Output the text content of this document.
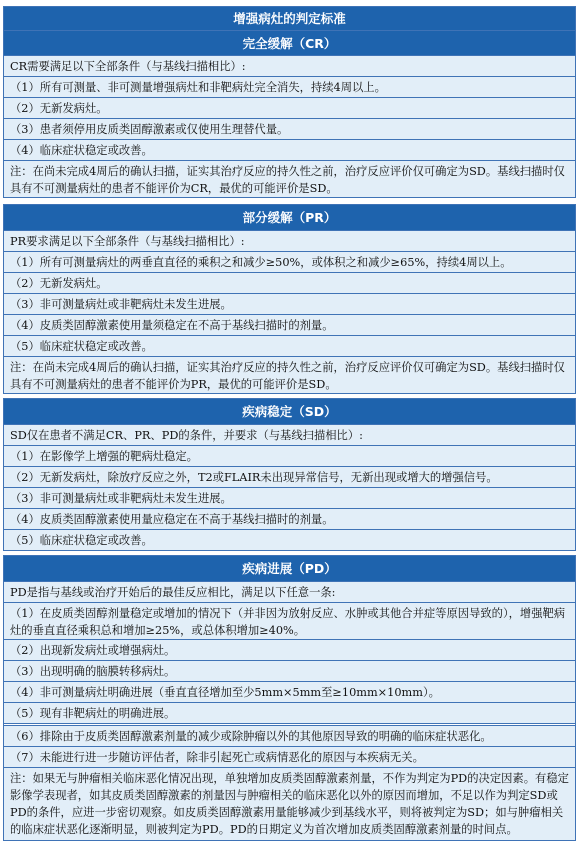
增强病灶的判定标准
完全缓解（CR）
CR需要满足以下全部条件（与基线扫描相比）:
（1）所有可测量、非可测量增强病灶和非靶病灶完全消失，持续4周以上。
（2）无新发病灶。
（3）患者须停用皮质类固醇激素或仅使用生理替代量。
（4）临床症状稳定或改善。
注：在尚未完成4周后的确认扫描，证实其治疗反应的持久性之前，治疗反应评价仅可确定为SD。基线扫描时仅具有不可测量病灶的患者不能评价为CR，最优的可能评价是SD。
部分缓解（PR）
PR要求满足以下全部条件（与基线扫描相比）:
（1）所有可测量病灶的两垂直直径的乘积之和减少≥50%，或体积之和减少≥65%，持续4周以上。
（2）无新发病灶。
（3）非可测量病灶或非靶病灶未发生进展。
（4）皮质类固醇激素使用量须稳定在不高于基线扫描时的剂量。
（5）临床症状稳定或改善。
注：在尚未完成4周后的确认扫描，证实其治疗反应的持久性之前，治疗反应评价仅可确定为SD。基线扫描时仅具有不可测量病灶的患者不能评价为PR，最优的可能评价是SD。
疾病稳定（SD）
SD仅在患者不满足CR、PR、PD的条件，并要求（与基线扫描相比）:
（1）在影像学上增强的靶病灶稳定。
（2）无新发病灶，除放疗反应之外，T2或FLAIR未出现异常信号，无新出现或增大的增强信号。
（3）非可测量病灶或非靶病灶未发生进展。
（4）皮质类固醇激素使用量应稳定在不高于基线扫描时的剂量。
（5）临床症状稳定或改善。
疾病进展（PD）
PD是指与基线或治疗开始后的最佳反应相比，满足以下任意一条:
（1）在皮质类固醇剂量稳定或增加的情况下（并非因为放射反应、水肿或其他合并症等原因导致的），增强靶病灶的垂直直径乘积总和增加≥25%，或总体积增加≥40%。
（2）出现新发病灶或增强病灶。
（3）出现明确的脑膜转移病灶。
（4）非可测量病灶明确进展（垂直直径增加至少5mm×5mm至≥10mm×10mm）。
（5）现有非靶病灶的明确进展。
（6）排除由于皮质类固醇激素剂量的减少或除肿瘤以外的其他原因导致的明确的临床症状恶化。
（7）未能进行进一步随访评估者，除非引起死亡或病情恶化的原因与本疾病无关。
注：如果无与肿瘤相关临床恶化情况出现，单独增加皮质类固醇激素剂量，不作为判定为PD的决定因素。有稳定影像学表现者，如其皮质类固醇激素的剂量因与肿瘤相关的临床恶化以外的原因而增加，不足以作为判定SD或PD的条件，应进一步密切观察。如皮质类固醇激素用量能够减少到基线水平，则将被判定为SD；如与肿瘤相关的临床症状恶化逐渐明显，则被判定为PD。PD的日期定义为首次增加皮质类固醇激素剂量的时间点。
